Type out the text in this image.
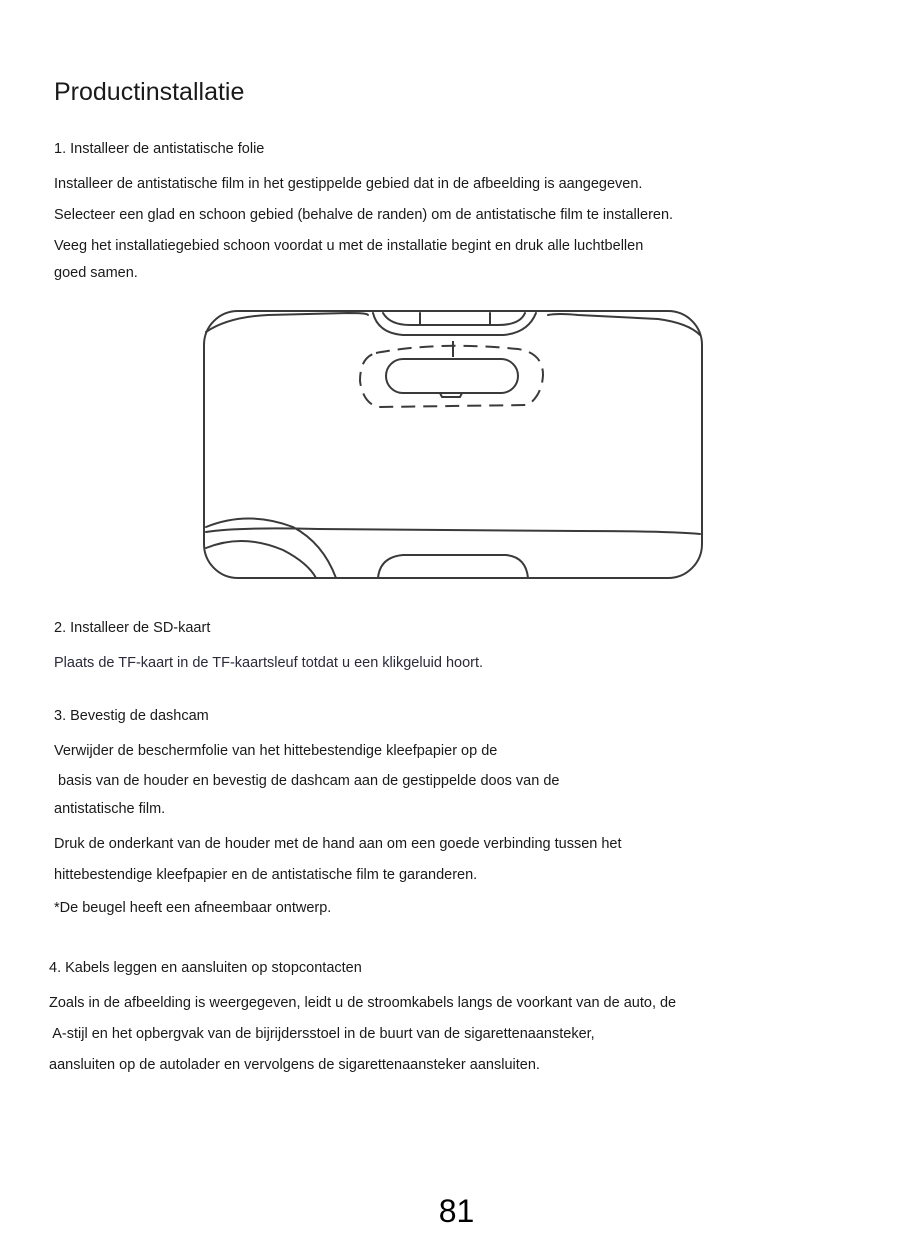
Productinstallatie
1. Installeer de antistatische folie
Installeer de antistatische film in het gestippelde gebied dat in de afbeelding is aangegeven.
Selecteer een glad en schoon gebied (behalve de randen) om de antistatische film te installeren.
Veeg het installatiegebied schoon voordat u met de installatie begint en druk alle luchtbellen
goed samen.
2. Installeer de SD-kaart
Plaats de TF-kaart in de TF-kaartsleuf totdat u een klikgeluid hoort.
3. Bevestig de dashcam
Verwijder de beschermfolie van het hittebestendige kleefpapier op de
basis van de houder en bevestig de dashcam aan de gestippelde doos van de
antistatische film.
Druk de onderkant van de houder met de hand aan om een goede verbinding tussen het
hittebestendige kleefpapier en de antistatische film te garanderen.
*De beugel heeft een afneembaar ontwerp.
4. Kabels leggen en aansluiten op stopcontacten
Zoals in de afbeelding is weergegeven, leidt u de stroomkabels langs de voorkant van de auto, de
A-stijl en het opbergvak van de bijrijdersstoel in de buurt van de sigarettenaansteker,
aansluiten op de autolader en vervolgens de sigarettenaansteker aansluiten.
81
